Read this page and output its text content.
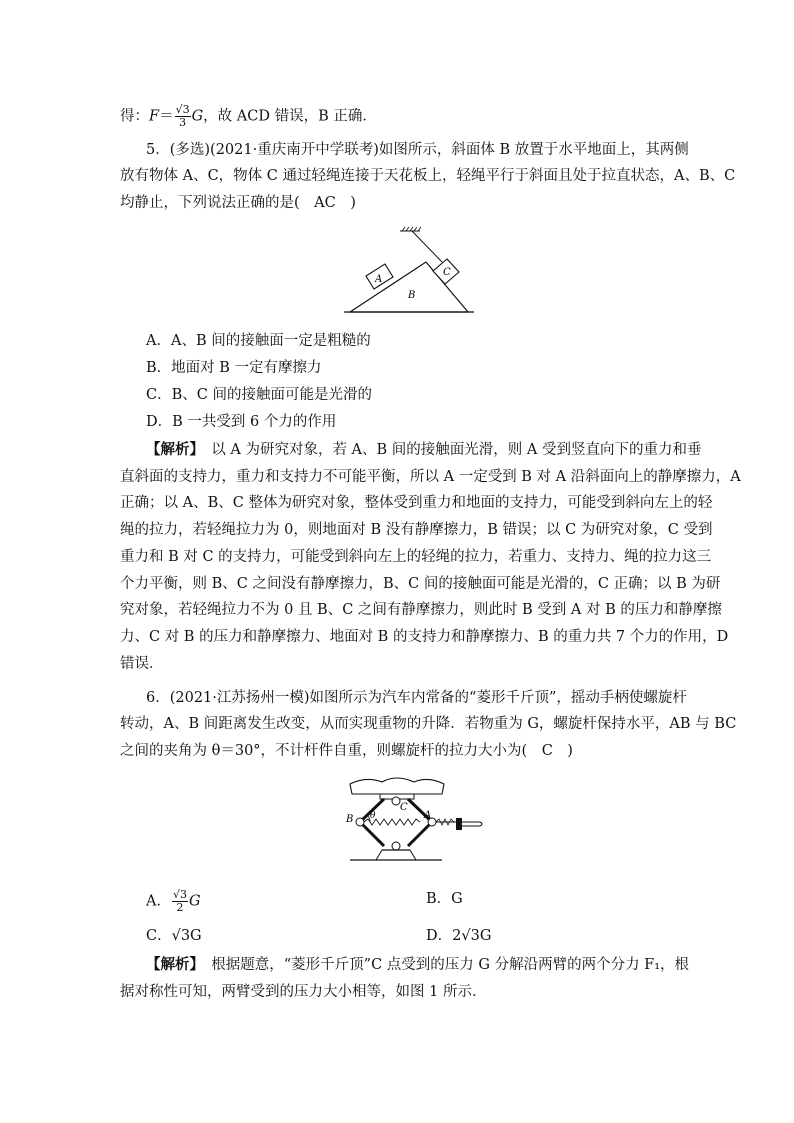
得：$F= \frac{√3}{3}$ G，故 ACD 错误，B 正确．
5．(多选)(2021·重庆南开中学联考)如图所示，斜面体 B 放置于水平地面上，其两侧
放有物体 A、C，物体 C 通过轻绳连接于天花板上，轻绳平行于斜面且处于拉直状态，A、B、C
均静止，下列说法正确的是(　AC　)
A
B
C
A．A、B 间的接触面一定是粗糙的
B．地面对 B 一定有摩擦力
C．B、C 间的接触面可能是光滑的
D．B 一共受到 6 个力的作用
【解析】　 以 A 为研究对象，若 A、B 间的接触面光滑，则 A 受到竖直向下的重力和垂
直斜面的支持力，重力和支持力不可能平衡，所以 A 一定受到 B 对 A 沿斜面向上的静摩擦力，A
正确；以 A、B、C 整体为研究对象，整体受到重力和地面的支持力，可能受到斜向左上的轻
绳的拉力，若轻绳拉力为 0，则地面对 B 没有静摩擦力，B 错误；以 C 为研究对象，C 受到
重力和 B 对 C 的支持力，可能受到斜向左上的轻绳的拉力，若重力、支持力、绳的拉力这三
个力平衡，则 B、C 之间没有静摩擦力，B、C 间的接触面可能是光滑的，C 正确；以 B 为研
究对象，若轻绳拉力不为 0 且 B、C 之间有静摩擦力，则此时 B 受到 A 对 B 的压力和静摩擦
力、C 对 B 的压力和静摩擦力、地面对 B 的支持力和静摩擦力、B 的重力共 7 个力的作用，D
错误．
6．(2021·江苏扬州一模)如图所示为汽车内常备的“菱形千斤顶”，摇动手柄使螺旋杆
转动，A、B 间距离发生改变，从而实现重物的升降．若物重为 G，螺旋杆保持水平，AB 与 BC
之间的夹角为 θ＝30°，不计杆件自重，则螺旋杆的拉力大小为(　C　)
C
B	A
θ
A． $\frac{√3}{2}$ G	B．G
C．√3G	D．2√3G
【解析】　 根据题意，“菱形千斤顶”C 点受到的压力 G 分解沿两臂的两个分力 F₁，根
据对称性可知，两臂受到的压力大小相等，如图 1 所示．
